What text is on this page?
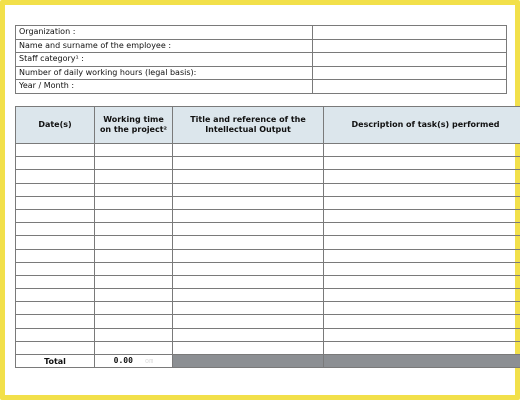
Organization :	
Name and surname of the employee :	
Staff category¹ :	
Number of daily working hours (legal basis):	
Year / Month :	
Date(s)	Working time on the project²	Title and reference of the Intellectual Output	Description of task(s) performed

Total	0.00 om		
